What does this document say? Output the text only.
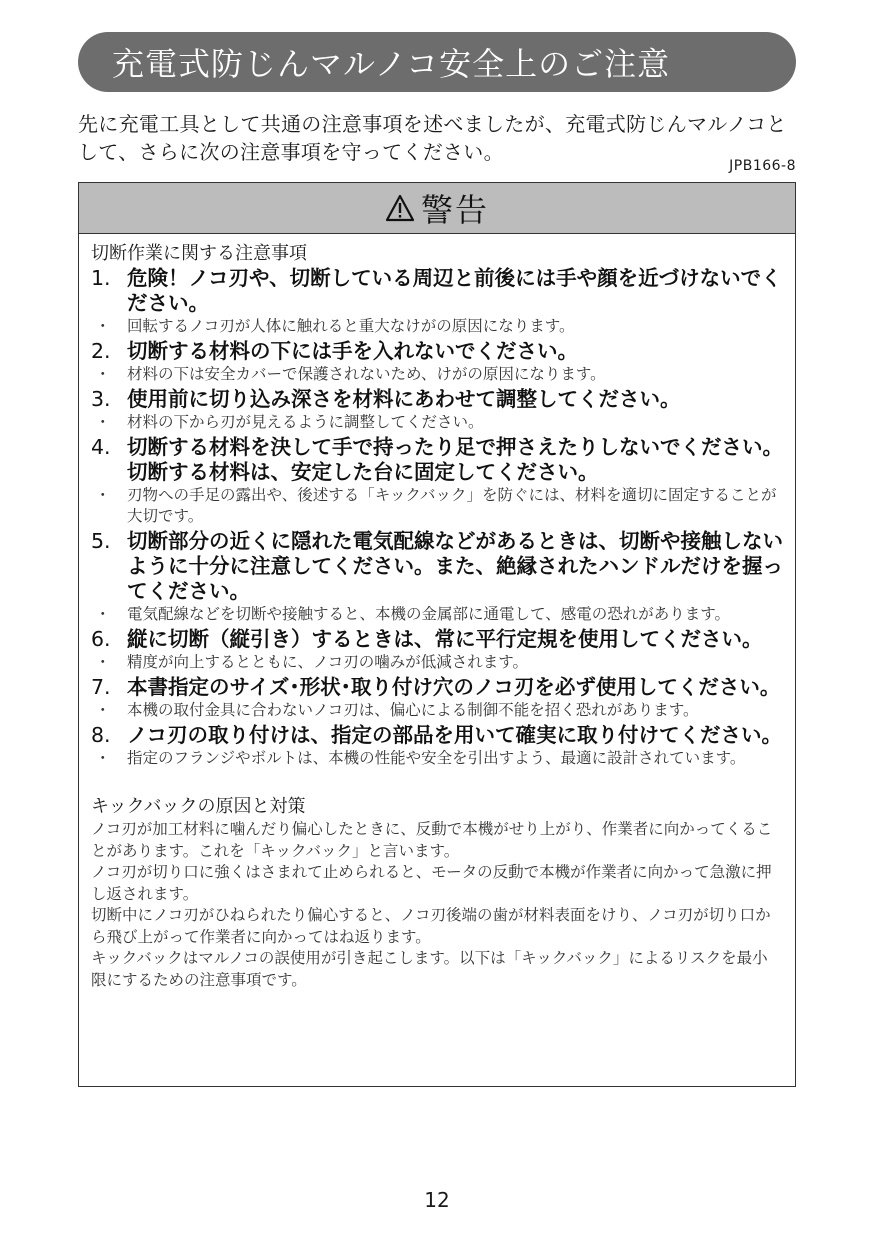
充電式防じんマルノコ安全上のご注意
先に充電工具として共通の注意事項を述べましたが、充電式防じんマルノコとして、さらに次の注意事項を守ってください。
JPB166-8
警告
切断作業に関する注意事項
1. 危険！ノコ刃や、切断している周辺と前後には手や顔を近づけないでください。
・	回転するノコ刃が人体に触れると重大なけがの原因になります。
2. 切断する材料の下には手を入れないでください。
・	材料の下は安全カバーで保護されないため、けがの原因になります。
3. 使用前に切り込み深さを材料にあわせて調整してください。
・	材料の下から刃が見えるように調整してください。
4. 切断する材料を決して手で持ったり足で押さえたりしないでください。切断する材料は、安定した台に固定してください。
・	刃物への手足の露出や、後述する「キックバック」を防ぐには、材料を適切に固定することが大切です。
5. 切断部分の近くに隠れた電気配線などがあるときは、切断や接触しないように十分に注意してください。また、絶縁されたハンドルだけを握ってください。
・	電気配線などを切断や接触すると、本機の金属部に通電して、感電の恐れがあります。
6. 縦に切断（縦引き）するときは、常に平行定規を使用してください。
・	精度が向上するとともに、ノコ刃の噛みが低減されます。
7. 本書指定のサイズ･形状･取り付け穴のノコ刃を必ず使用してください。
・	本機の取付金具に合わないノコ刃は、偏心による制御不能を招く恐れがあります。
8. ノコ刃の取り付けは、指定の部品を用いて確実に取り付けてください。
・	指定のフランジやボルトは、本機の性能や安全を引出すよう、最適に設計されています。
キックバックの原因と対策
ノコ刃が加工材料に噛んだり偏心したときに、反動で本機がせり上がり、作業者に向かってくることがあります。これを「キックバック」と言います。
ノコ刃が切り口に強くはさまれて止められると、モータの反動で本機が作業者に向かって急激に押し返されます。
切断中にノコ刃がひねられたり偏心すると、ノコ刃後端の歯が材料表面をけり、ノコ刃が切り口から飛び上がって作業者に向かってはね返ります。
キックバックはマルノコの誤使用が引き起こします。以下は「キックバック」によるリスクを最小限にするための注意事項です。
12
